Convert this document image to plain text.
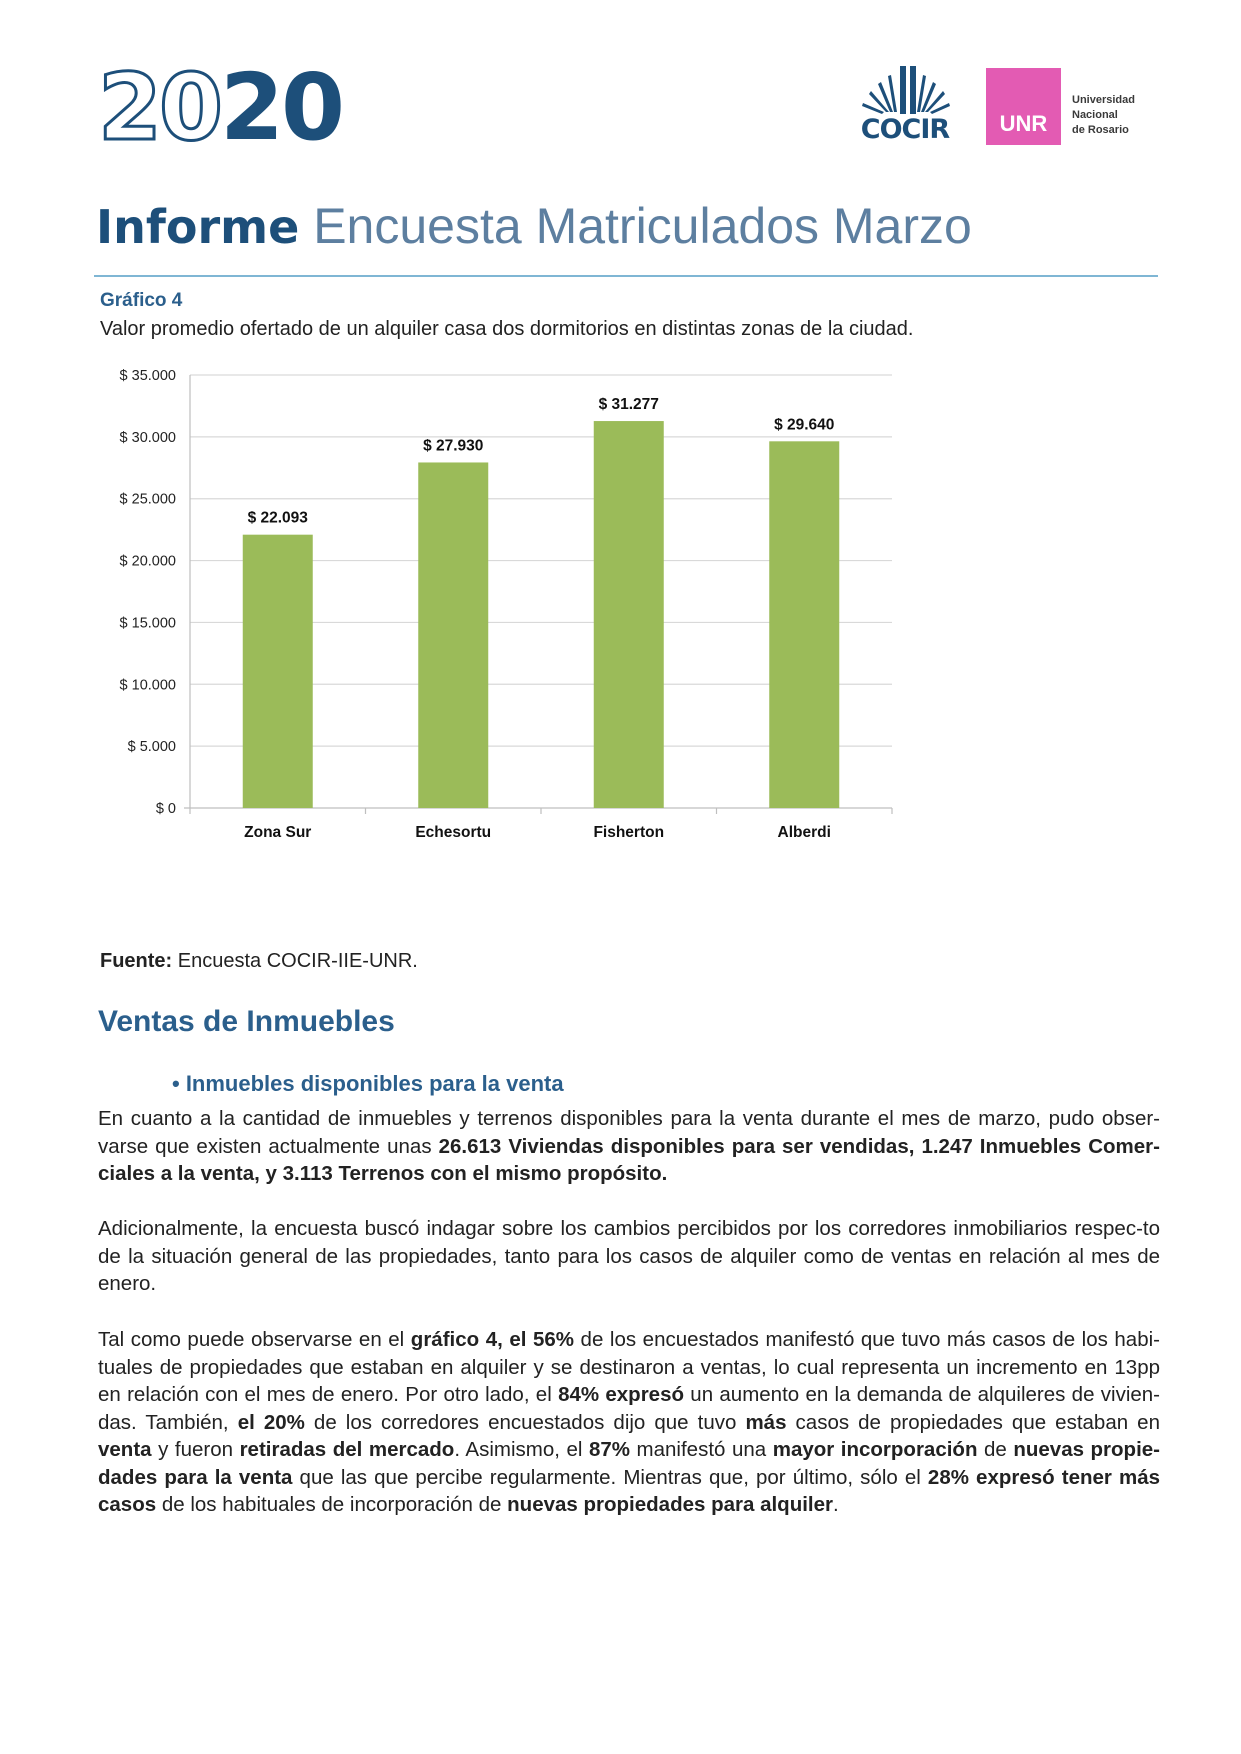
2020	COCIR	UNR
Universidad
Nacional
de Rosario
Informe Encuesta Matriculados Marzo
Gráfico 4
Valor promedio ofertado de un alquiler casa dos dormitorios en distintas zonas de la ciudad.
$ 0
$ 5.000
$ 10.000
$ 15.000
$ 20.000
$ 25.000
$ 30.000
$ 35.000
$ 22.093
Zona Sur
$ 27.930
Echesortu
$ 31.277
Fisherton
$ 29.640
Alberdi
Fuente: Encuesta COCIR-IIE-UNR.
Ventas de Inmuebles
• Inmuebles disponibles para la venta
En cuanto a la cantidad de inmuebles y terrenos disponibles para la venta durante el mes de marzo, pudo obser-varse que existen actualmente unas 26.613 Viviendas disponibles para ser vendidas, 1.247 Inmuebles Comer-ciales a la venta, y 3.113 Terrenos con el mismo propósito.
Adicionalmente, la encuesta buscó indagar sobre los cambios percibidos por los corredores inmobiliarios respec-to de la situación general de las propiedades, tanto para los casos de alquiler como de ventas en relación al mes de enero.
Tal como puede observarse en el gráfico 4, el 56% de los encuestados manifestó que tuvo más casos de los habi-tuales de propiedades que estaban en alquiler y se destinaron a ventas, lo cual representa un incremento en 13pp en relación con el mes de enero. Por otro lado, el 84% expresó un aumento en la demanda de alquileres de vivien-das. También, el 20% de los corredores encuestados dijo que tuvo más casos de propiedades que estaban en venta y fueron retiradas del mercado. Asimismo, el 87% manifestó una mayor incorporación de nuevas propie-dades para la venta que las que percibe regularmente. Mientras que, por último, sólo el 28% expresó tener más casos de los habituales de incorporación de nuevas propiedades para alquiler.
